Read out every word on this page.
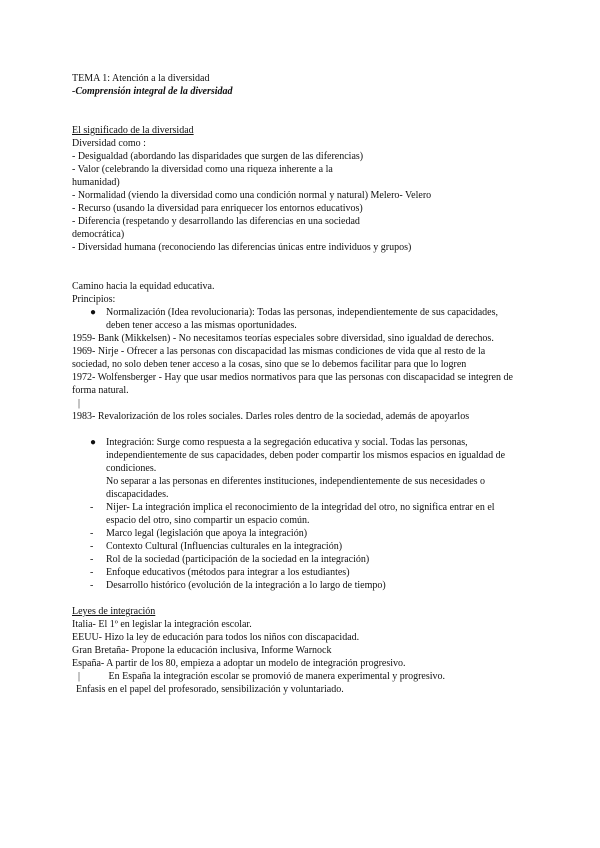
TEMA 1: Atención a la diversidad
-Comprensión integral de la diversidad
El significado de la diversidad
Diversidad como :
- Desigualdad (abordando las disparidades que surgen de las diferencias)
- Valor (celebrando la diversidad como una riqueza inherente a la
humanidad)
- Normalidad (viendo la diversidad como una condición normal y natural) Melero- Velero
- Recurso (usando la diversidad para enriquecer los entornos educativos)
- Diferencia (respetando y desarrollando las diferencias en una sociedad
democrática)
- Diversidad humana (reconociendo las diferencias únicas entre individuos y grupos)
Camino hacia la equidad educativa.
Principios:
● Normalización (Idea revolucionaria): Todas las personas, independientemente de sus capacidades, deben tener acceso a las mismas oportunidades.
1959- Bank (Mikkelsen) - No necesitamos teorías especiales sobre diversidad, sino igualdad de derechos.
1969- Nirje - Ofrecer a las personas con discapacidad las mismas condiciones de vida que al resto de la sociedad, no solo deben tener acceso a la cosas, sino que se lo debemos facilitar para que lo logren
1972- Wolfensberger - Hay que usar medios normativos para que las personas con discapacidad se integren de forma natural.
|
1983- Revalorización de los roles sociales. Darles roles dentro de la sociedad, además de apoyarlos
● Integración: Surge como respuesta a la segregación educativa y social. Todas las personas, independientemente de sus capacidades, deben poder compartir los mismos espacios en igualdad de condiciones.
No separar a las personas en diferentes instituciones, independientemente de sus necesidades o discapacidades.
-	Nijer- La integración implica el reconocimiento de la integridad del otro, no significa entrar en el espacio del otro, sino compartir un espacio común.
-	Marco legal (legislación que apoya la integración)
-	Contexto Cultural (Influencias culturales en la integración)
-	Rol de la sociedad (participación de la sociedad en la integración)
-	Enfoque educativos (métodos para integrar a los estudiantes)
-	Desarrollo histórico (evolución de la integración a lo largo de tiempo)
Leyes de integración
Italia- El 1º en legislar la integración escolar.
EEUU- Hizo la ley de educación para todos los niños con discapacidad.
Gran Bretaña- Propone la educación inclusiva, Informe Warnock
España- A partir de los 80, empieza a adoptar un modelo de integración progresivo.
|	En España la integración escolar se promovió de manera experimental y progresivo.
Enfasis en el papel del profesorado, sensibilización y voluntariado.
